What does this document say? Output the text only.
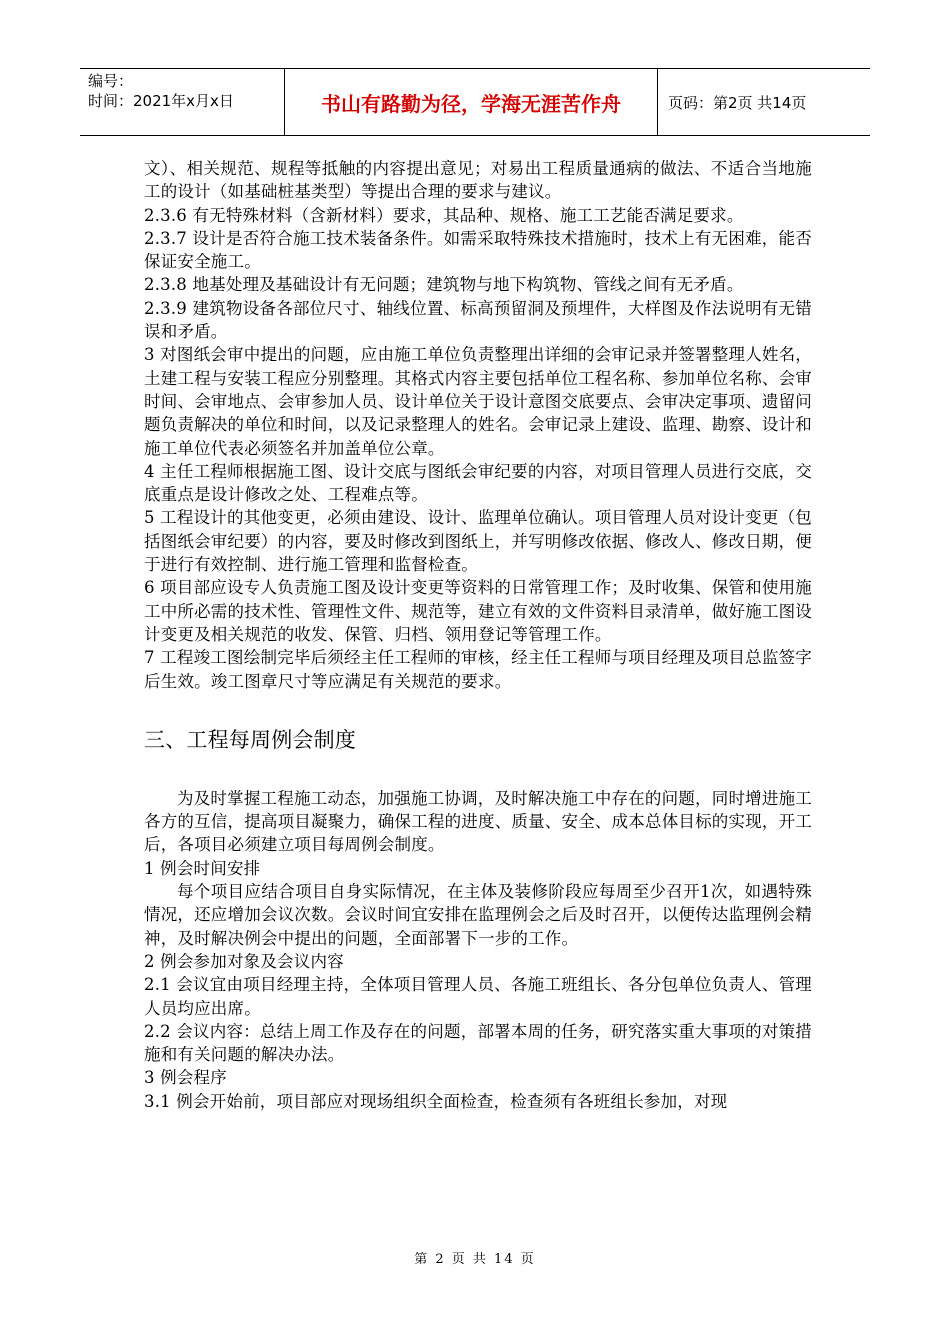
编号：
时间：2021年x月x日	书山有路勤为径，学海无涯苦作舟	页码：第2页 共14页

文）、相关规范、规程等抵触的内容提出意见；对易出工程质量通病的做法、不适合当地施工的设计（如基础桩基类型）等提出合理的要求与建议。

2.3.6 有无特殊材料（含新材料）要求，其品种、规格、施工工艺能否满足要求。

2.3.7 设计是否符合施工技术装备条件。如需采取特殊技术措施时，技术上有无困难，能否保证安全施工。

2.3.8 地基处理及基础设计有无问题；建筑物与地下构筑物、管线之间有无矛盾。

2.3.9 建筑物设备各部位尺寸、轴线位置、标高预留洞及预埋件，大样图及作法说明有无错误和矛盾。

3 对图纸会审中提出的问题，应由施工单位负责整理出详细的会审记录并签署整理人姓名，土建工程与安装工程应分别整理。其格式内容主要包括单位工程名称、参加单位名称、会审时间、会审地点、会审参加人员、设计单位关于设计意图交底要点、会审决定事项、遗留问题负责解决的单位和时间，以及记录整理人的姓名。会审记录上建设、监理、勘察、设计和施工单位代表必须签名并加盖单位公章。

4 主任工程师根据施工图、设计交底与图纸会审纪要的内容，对项目管理人员进行交底，交底重点是设计修改之处、工程难点等。

5 工程设计的其他变更，必须由建设、设计、监理单位确认。项目管理人员对设计变更（包括图纸会审纪要）的内容，要及时修改到图纸上，并写明修改依据、修改人、修改日期，便于进行有效控制、进行施工管理和监督检查。

6 项目部应设专人负责施工图及设计变更等资料的日常管理工作；及时收集、保管和使用施工中所必需的技术性、管理性文件、规范等，建立有效的文件资料目录清单，做好施工图设计变更及相关规范的收发、保管、归档、领用登记等管理工作。

7 工程竣工图绘制完毕后须经主任工程师的审核，经主任工程师与项目经理及项目总监签字后生效。竣工图章尺寸等应满足有关规范的要求。

三、工程每周例会制度

为及时掌握工程施工动态，加强施工协调，及时解决施工中存在的问题，同时增进施工各方的互信，提高项目凝聚力，确保工程的进度、质量、安全、成本总体目标的实现，开工后，各项目必须建立项目每周例会制度。

1 例会时间安排

每个项目应结合项目自身实际情况，在主体及装修阶段应每周至少召开1次，如遇特殊情况，还应增加会议次数。会议时间宜安排在监理例会之后及时召开，以便传达监理例会精神，及时解决例会中提出的问题，全面部署下一步的工作。

2 例会参加对象及会议内容

2.1 会议宜由项目经理主持，全体项目管理人员、各施工班组长、各分包单位负责人、管理人员均应出席。

2.2 会议内容：总结上周工作及存在的问题，部署本周的任务，研究落实重大事项的对策措施和有关问题的解决办法。

3 例会程序

3.1 例会开始前，项目部应对现场组织全面检查，检查须有各班组长参加，对现

第 2 页 共 14 页
